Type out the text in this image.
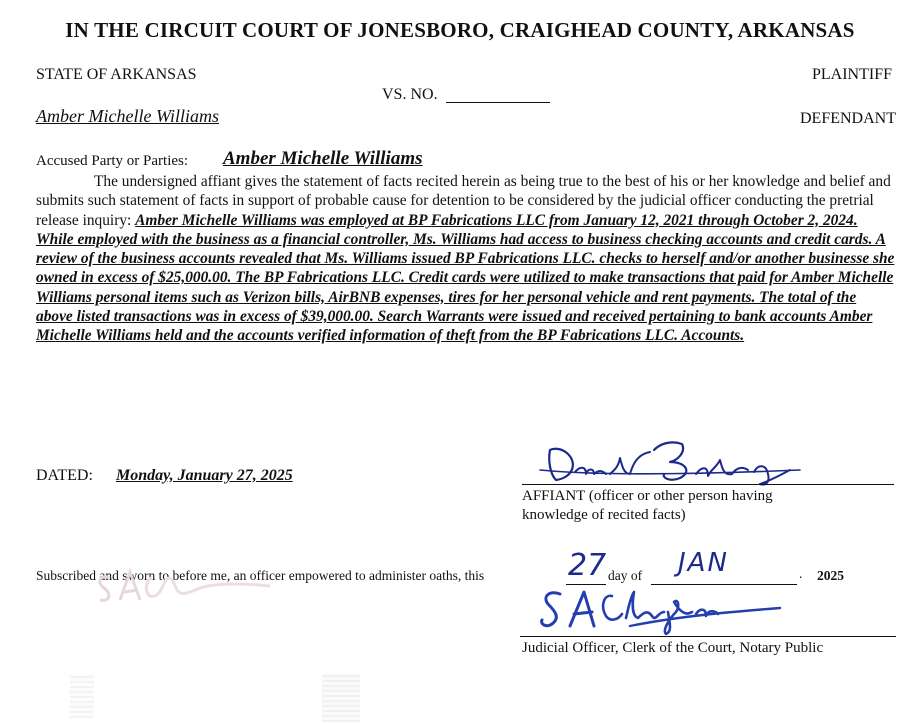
IN THE CIRCUIT COURT OF JONESBORO, CRAIGHEAD COUNTY, ARKANSAS
STATE OF ARKANSAS	PLAINTIFF
VS. NO.
Amber Michelle Williams	DEFENDANT
Accused Party or Parties: Amber Michelle Williams
The undersigned affiant gives the statement of facts recited herein as being true to the best of his or her knowledge and belief and submits such statement of facts in support of probable cause for detention to be considered by the judicial officer conducting the pretrial release inquiry: Amber Michelle Williams was employed at BP Fabrications LLC from January 12, 2021 through October 2, 2024. While employed with the business as a financial controller, Ms. Williams had access to business checking accounts and credit cards. A review of the business accounts revealed that Ms. Williams issued BP Fabrications LLC. checks to herself and/or another businesse she owned in excess of $25,000.00. The BP Fabrications LLC. Credit cards were utilized to make transactions that paid for Amber Michelle Williams personal items such as Verizon bills, AirBNB expenses, tires for her personal vehicle and rent payments. The total of the above listed transactions was in excess of $39,000.00. Search Warrants were issued and received pertaining to bank accounts Amber Michelle Williams held and the accounts verified information of theft from the BP Fabrications LLC. Accounts.
DATED: Monday, January 27, 2025
AFFIANT (officer or other person having
knowledge of recited facts)
Subscribed and sworn to before me, an officer empowered to administer oaths, this	27 day of JAN	. 2025
Judicial Officer, Clerk of the Court, Notary Public
